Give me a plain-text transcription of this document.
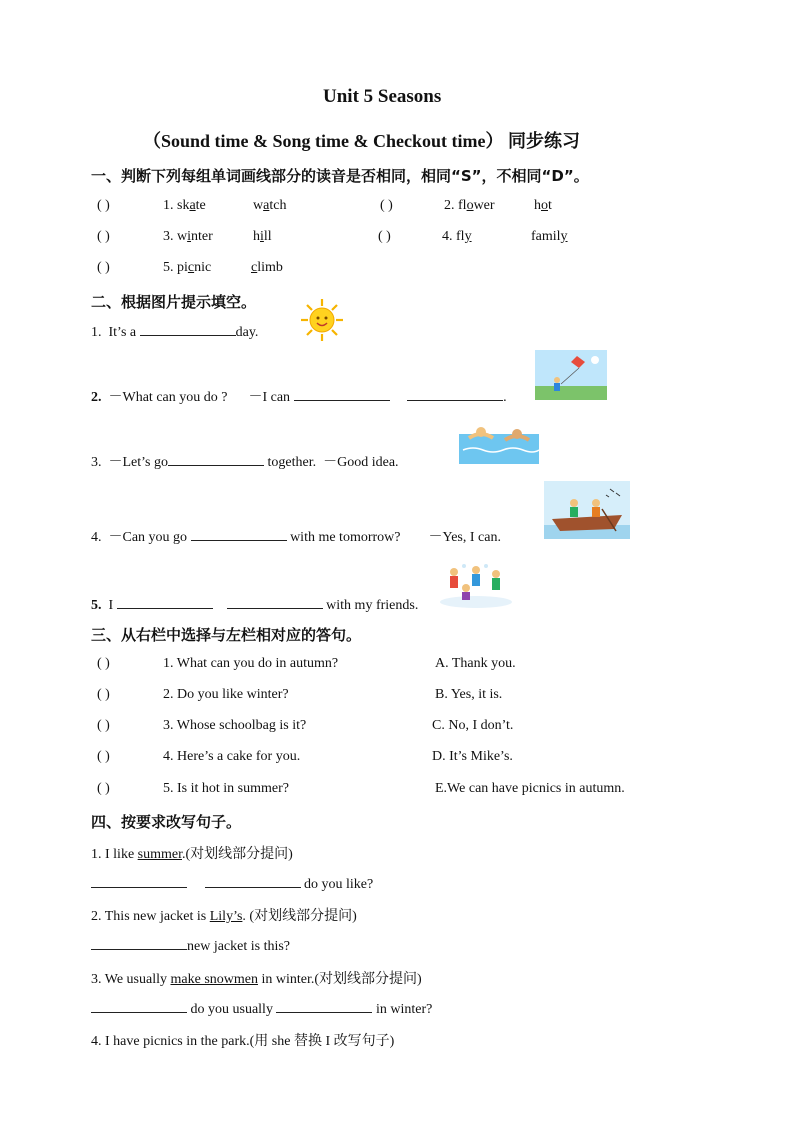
Unit 5 Seasons
（Sound time & Song time & Checkout time） 同步练习
一、判断下列每组单词画线部分的读音是否相同，相同“S”，不相同“D”。
( )	1. skate	watch	( )	2. flower	hot
( )	3. winter	hill	( )	4. fly	family
( )	5. picnic	climb
二、根据图片提示填空。
1. It’s a	day.
2. －What can you do ? －I can	.
3. －Let’s go	together. －Good idea.
4. －Can you go	with me tomorrow? －Yes, I can.
5. I	with my friends.
三、从右栏中选择与左栏相对应的答句。
( )	1. What can you do in autumn?	A. Thank you.
( )	2. Do you like winter?	B. Yes, it is.
( )	3. Whose schoolbag is it?	C. No, I don’t.
( )	4. Here’s a cake for you.	D. It’s Mike’s.
( )	5. Is it hot in summer?	E.We can have picnics in autumn.
四、按要求改写句子。
1. I like summer.(对划线部分提问)
do you like?
2. This new jacket is Lily’s. (对划线部分提问)
new jacket is this?
3. We usually make snowmen in winter.(对划线部分提问)
do you usually	in winter?
4. I have picnics in the park.(用 she 替换 I 改写句子)
